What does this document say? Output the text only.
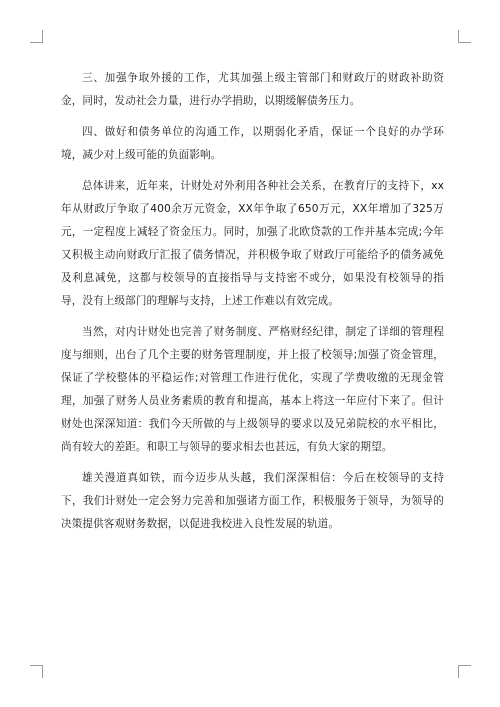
三、加强争取外援的工作，尤其加强上级主管部门和财政厅的财政补助资金，同时，发动社会力量，进行办学捐助，以期缓解债务压力。

四、做好和债务单位的沟通工作，以期弱化矛盾，保证一个良好的办学环境，减少对上级可能的负面影响。

总体讲来，近年来，计财处对外利用各种社会关系，在教育厅的支持下，xx年从财政厅争取了400余万元资金，XX年争取了650万元，XX年增加了325万元，一定程度上减轻了资金压力。同时，加强了北欧贷款的工作并基本完成;今年又积极主动向财政厅汇报了债务情况，并积极争取了财政厅可能给予的债务减免及利息减免，这都与校领导的直接指导与支持密不或分，如果没有校领导的指导，没有上级部门的理解与支持，上述工作难以有效完成。

当然，对内计财处也完善了财务制度、严格财经纪律，制定了详细的管理程度与细则，出台了几个主要的财务管理制度，并上报了校领导;加强了资金管理，保证了学校整体的平稳运作;对管理工作进行优化，实现了学费收缴的无现金管理，加强了财务人员业务素质的教育和提高，基本上将这一年应付下来了。但计财处也深深知道：我们今天所做的与上级领导的要求以及兄弟院校的水平相比，尚有较大的差距。和职工与领导的要求相去也甚远，有负大家的期望。

雄关漫道真如铁，而今迈步从头越，我们深深相信：今后在校领导的支持下，我们计财处一定会努力完善和加强诸方面工作，积极服务于领导，为领导的决策提供客观财务数据，以促进我校进入良性发展的轨道。
